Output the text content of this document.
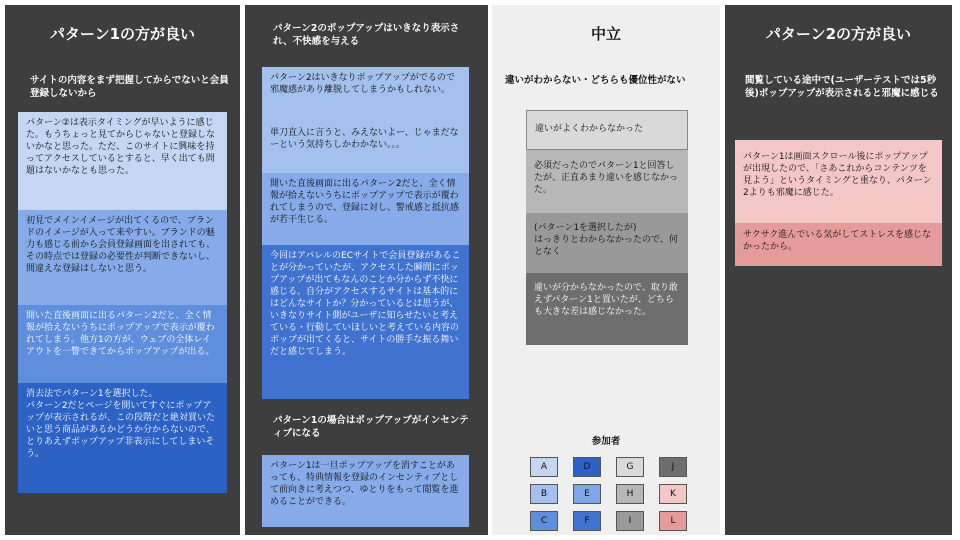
パターン1の方が良い
サイトの内容をまず把握してからでないと会員登録しないから
パターン②は表示タイミングが早いように感じた。もうちょっと見てからじゃないと登録しないかなと思った。ただ、このサイトに興味を持ってアクセスしているとすると、早く出ても問題はないかなとも思った。
初見でメインイメージが出てくるので、ブランドのイメージが入って来やすい。ブランドの魅力も感じる前から会員登録画面を出されても、その時点では登録の必要性が判断できないし、間違えな登録はしないと思う。
開いた直後画面に出るパターン2だと、全く情報が拾えないうちにポップアップで表示が覆われてしまう。他方1の方が、ウェブの全体レイアウトを一瞥できてからポップアップが出る。
消去法でパターン1を選択した。
パターン2だとページを開いてすぐにポップアップが表示されるが、この段階だと絶対買いたいと思う商品があるかどうか分からないので、とりあえずポップアップ非表示にしてしまいそう。
パターン2のポップアップはいきなり表示され、不快感を与える
パターン2はいきなりポップアップがでるので邪魔感があり離脱してしまうかもしれない。
単刀直入に言うと、みえないよー、じゃまだなーという気持ちしかわかない。。。
開いた直後画面に出るパターン2だと、全く情報が拾えないうちにポップアップで表示が覆われてしまうので、登録に対し、警戒感と抵抗感が若干生じる。
今回はアパレルのECサイトで会員登録があることが分かっていたが、アクセスした瞬間にポップアップが出てもなんのことか分からず不快に感じる。自分がアクセスするサイトは基本的にはどんなサイトか？分かっているとは思うが、いきなりサイト側がユーザに知らせたいと考えている・行動していほしいと考えている内容のポップが出てくると、サイトの勝手な振る舞いだと感じてしまう。
パターン1の場合はポップアップがインセンティブになる
パターン1は一旦ポップアップを消すことがあっても、特典情報を登録のインセンティブとして前向きに考えつつ、ゆとりをもって閲覧を進めることができる。
中立
違いがわからない・どちらも優位性がない
違いがよくわからなかった
必須だったのでパターン1と回答したが、正直あまり違いを感じなかった。
(パターン1を選択したが)
はっきりとわからなかったので、何となく
違いが分からなかったので、取り敢えずパターン1と置いたが、どちらも大きな差は感じなかった。
参加者
A	D	G	J
B	E	H	K
C	F	I	L
パターン2の方が良い
閲覧している途中で(ユーザーテストでは5秒後)ポップアップが表示されると邪魔に感じる
パターン1は画面スクロール後にポップアップが出現したので、「さあこれからコンテンツを見よう」というタイミングと重なり、パターン2よりも邪魔に感じた。
サクサク進んでいる気がしてストレスを感じなかったから。
